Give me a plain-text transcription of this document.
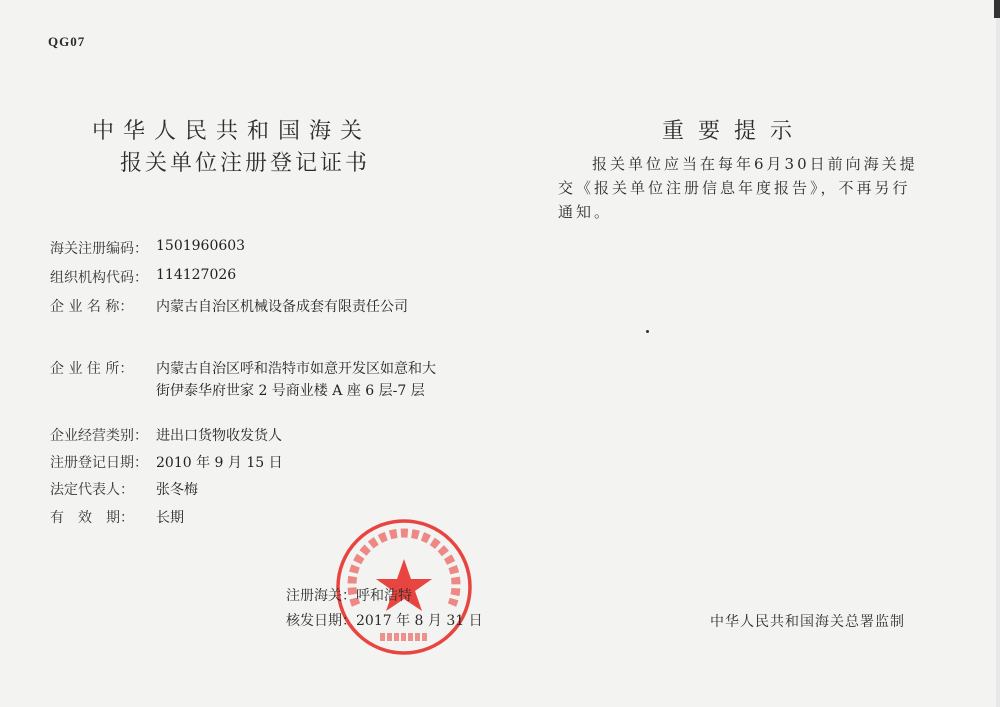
QG07
中华人民共和国海关
报关单位注册登记证书
重要提示

报关单位应当在每年6月30日前向海关提交《报关单位注册信息年度报告》，不再另行通知。

海关注册编码： 1501960603
组织机构代码： 114127026
企 业 名 称：	内蒙古自治区机械设备成套有限责任公司
企 业 住 所：	内蒙古自治区呼和浩特市如意开发区如意和大街伊泰华府世家 2 号商业楼 A 座 6 层-7 层
企业经营类别： 进出口货物收发货人
注册登记日期： 2010 年 9 月 15 日
法定代表人：	张冬梅
有　效　期：	长期
注册海关：呼和浩特
核发日期：2017 年 8 月 31 日	中华人民共和国海关总署监制
